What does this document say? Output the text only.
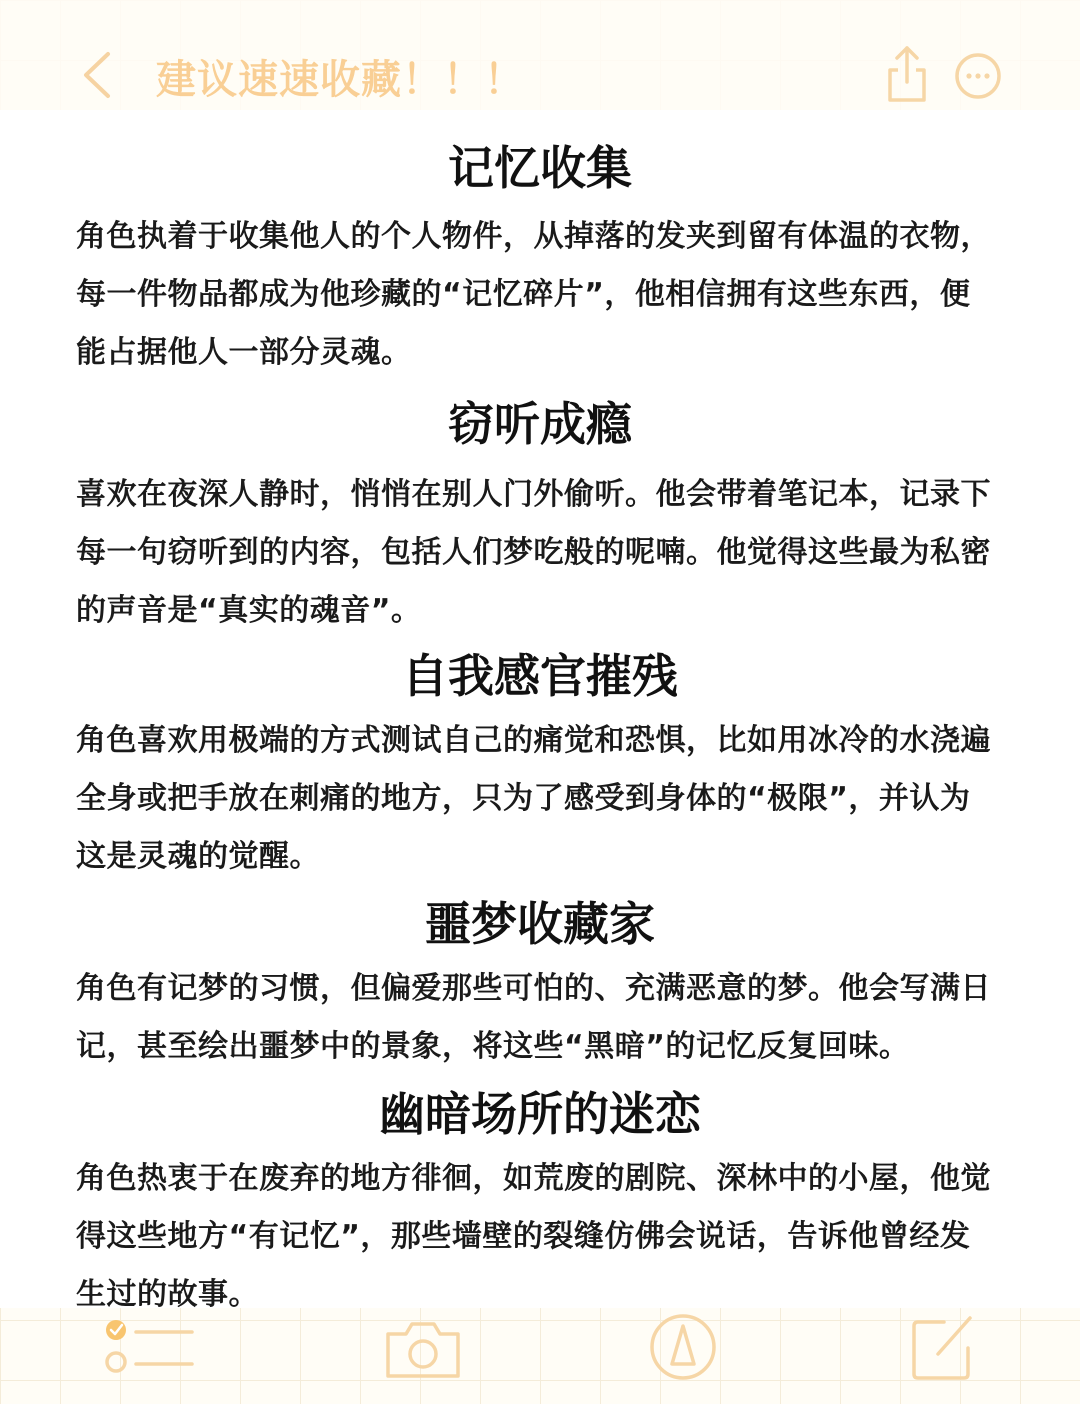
建议速速收藏！！！
记忆收集
角色执着于收集他人的个人物件，从掉落的发夹到留有体温的衣物，每一件物品都成为他珍藏的“记忆碎片”，他相信拥有这些东西，便能占据他人一部分灵魂。
窃听成瘾
喜欢在夜深人静时，悄悄在别人门外偷听。他会带着笔记本，记录下每一句窃听到的内容，包括人们梦吃般的呢喃。他觉得这些最为私密的声音是“真实的魂音”。
自我感官摧残
角色喜欢用极端的方式测试自己的痛觉和恐惧，比如用冰冷的水浇遍全身或把手放在刺痛的地方，只为了感受到身体的“极限”，并认为这是灵魂的觉醒。
噩梦收藏家
角色有记梦的习惯，但偏爱那些可怕的、充满恶意的梦。他会写满日记，甚至绘出噩梦中的景象，将这些“黑暗”的记忆反复回味。
幽暗场所的迷恋
角色热衷于在废弃的地方徘徊，如荒废的剧院、深林中的小屋，他觉得这些地方“有记忆”，那些墙壁的裂缝仿佛会说话，告诉他曾经发生过的故事。
